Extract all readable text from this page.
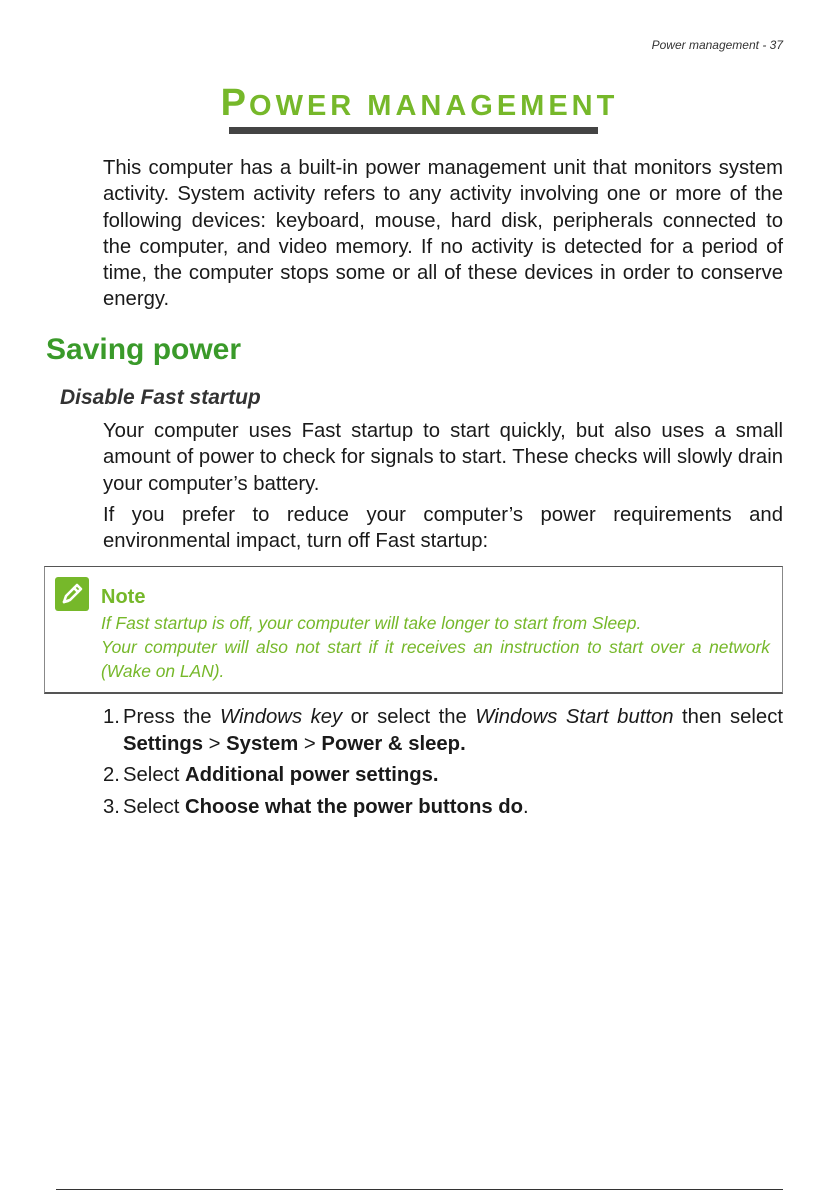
Power management - 37
POWER MANAGEMENT

This computer has a built-in power management unit that monitors system activity. System activity refers to any activity involving one or more of the following devices: keyboard, mouse, hard disk, peripherals connected to the computer, and video memory. If no activity is detected for a period of time, the computer stops some or all of these devices in order to conserve energy.

Saving power
Disable Fast startup

Your computer uses Fast startup to start quickly, but also uses a small amount of power to check for signals to start. These checks will slowly drain your computer’s battery.

If you prefer to reduce your computer’s power requirements and environmental impact, turn off Fast startup:

Note

If Fast startup is off, your computer will take longer to start from Sleep.

Your computer will also not start if it receives an instruction to start over a network (Wake on LAN).

1. Press the Windows key or select the Windows Start button then select Settings > System > Power & sleep.

2. Select Additional power settings.

3. Select Choose what the power buttons do.
